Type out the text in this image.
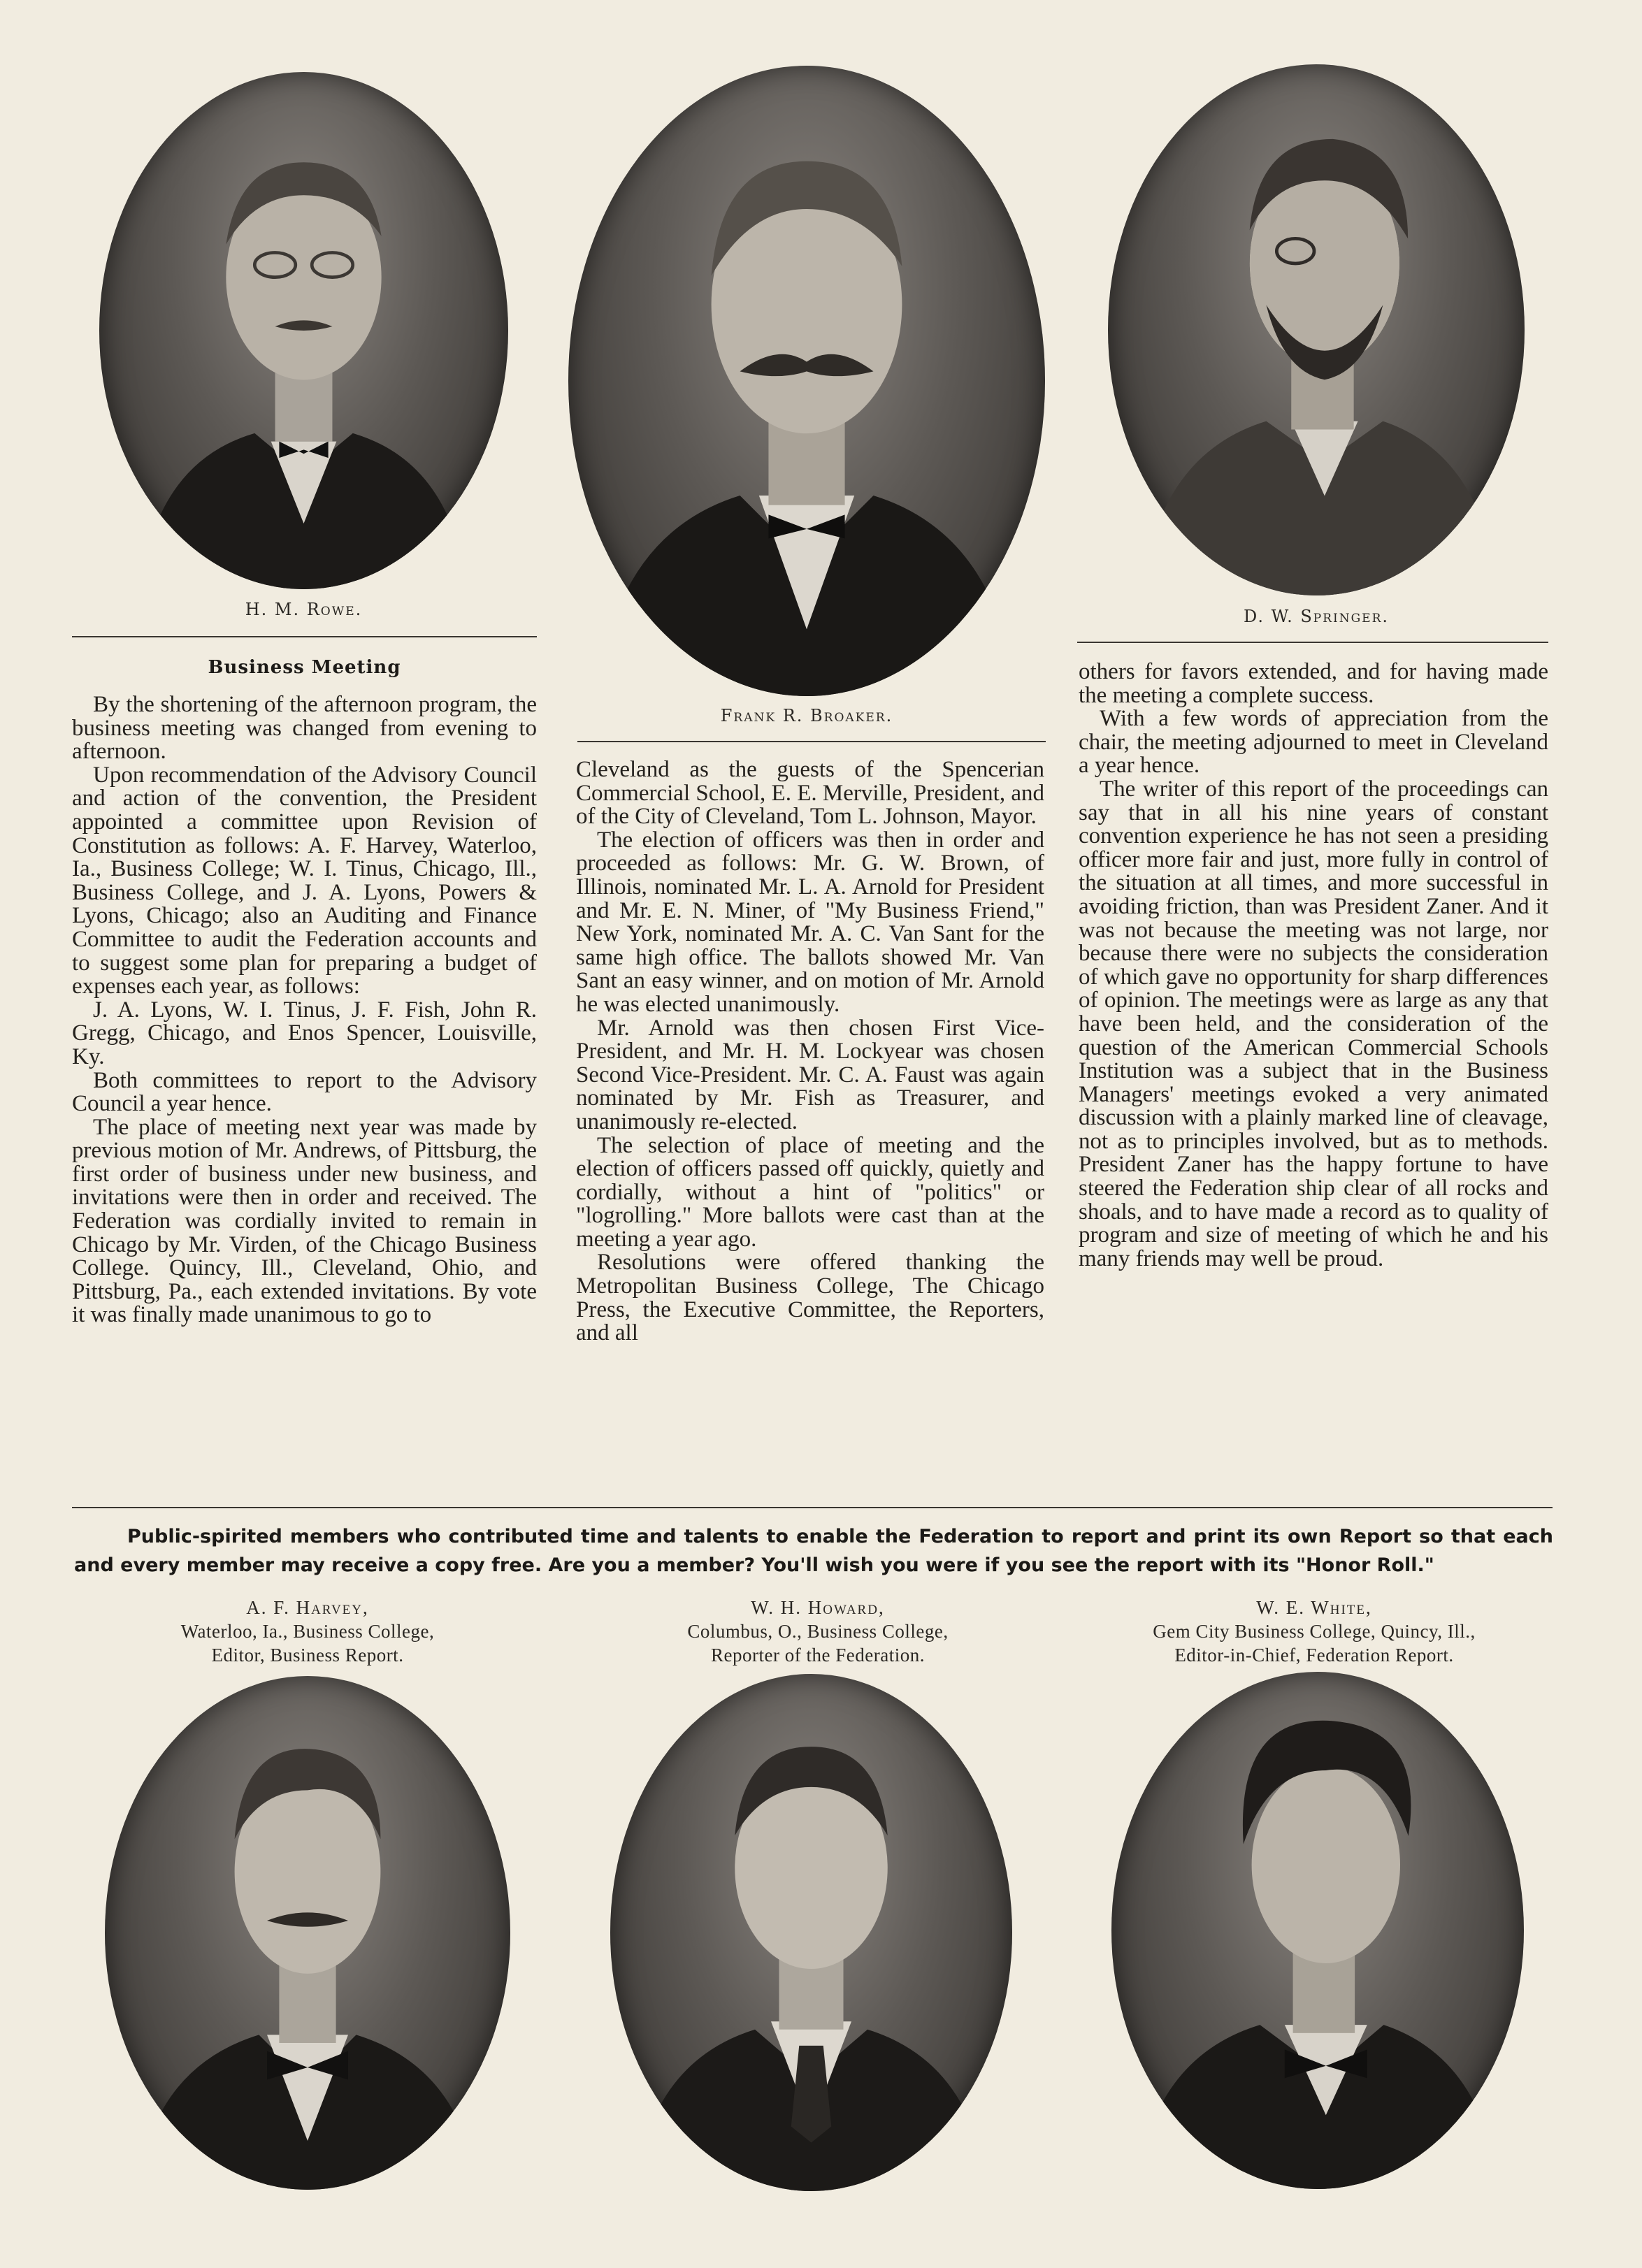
H. M. Rowe.
Frank R. Broaker.
D. W. Springer.
Business Meeting

By the shortening of the afternoon program, the business meeting was changed from evening to afternoon.

Upon recommendation of the Advisory Council and action of the convention, the President appointed a committee upon Revision of Constitution as follows: A. F. Harvey, Waterloo, Ia., Business College; W. I. Tinus, Chicago, Ill., Business College, and J. A. Lyons, Powers & Lyons, Chicago; also an Auditing and Finance Committee to audit the Federation accounts and to suggest some plan for preparing a budget of expenses each year, as follows:

J. A. Lyons, W. I. Tinus, J. F. Fish, John R. Gregg, Chicago, and Enos Spencer, Louisville, Ky.

Both committees to report to the Advisory Council a year hence.

The place of meeting next year was made by previous motion of Mr. Andrews, of Pittsburg, the first order of business under new business, and invitations were then in order and received. The Federation was cordially invited to remain in Chicago by Mr. Virden, of the Chicago Business College. Quincy, Ill., Cleveland, Ohio, and Pittsburg, Pa., each extended invitations. By vote it was finally made unanimous to go to

Cleveland as the guests of the Spencerian Commercial School, E. E. Merville, President, and of the City of Cleveland, Tom L. Johnson, Mayor.

The election of officers was then in order and proceeded as follows: Mr. G. W. Brown, of Illinois, nominated Mr. L. A. Arnold for President and Mr. E. N. Miner, of "My Business Friend," New York, nominated Mr. A. C. Van Sant for the same high office. The ballots showed Mr. Van Sant an easy winner, and on motion of Mr. Arnold he was elected unanimously.

Mr. Arnold was then chosen First Vice-President, and Mr. H. M. Lockyear was chosen Second Vice-President. Mr. C. A. Faust was again nominated by Mr. Fish as Treasurer, and unanimously re-elected.

The selection of place of meeting and the election of officers passed off quickly, quietly and cordially, without a hint of "politics" or "logrolling." More ballots were cast than at the meeting a year ago.

Resolutions were offered thanking the Metropolitan Business College, The Chicago Press, the Executive Committee, the Reporters, and all

others for favors extended, and for having made the meeting a complete success.

With a few words of appreciation from the chair, the meeting adjourned to meet in Cleveland a year hence.

The writer of this report of the proceedings can say that in all his nine years of constant convention experience he has not seen a presiding officer more fair and just, more fully in control of the situation at all times, and more successful in avoiding friction, than was President Zaner. And it was not because the meeting was not large, nor because there were no subjects the consideration of which gave no opportunity for sharp differences of opinion. The meetings were as large as any that have been held, and the consideration of the question of the American Commercial Schools Institution was a subject that in the Business Managers' meetings evoked a very animated discussion with a plainly marked line of cleavage, not as to principles involved, but as to methods. President Zaner has the happy fortune to have steered the Federation ship clear of all rocks and shoals, and to have made a record as to quality of program and size of meeting of which he and his many friends may well be proud.

Public-spirited members who contributed time and talents to enable the Federation to report and print its own Report so that each and every member may receive a copy free. Are you a member? You'll wish you were if you see the report with its "Honor Roll."
A. F. Harvey,
Waterloo, Ia., Business College,
Editor, Business Report.
W. H. Howard,
Columbus, O., Business College,
Reporter of the Federation.
W. E. White,
Gem City Business College, Quincy, Ill.,
Editor-in-Chief, Federation Report.
